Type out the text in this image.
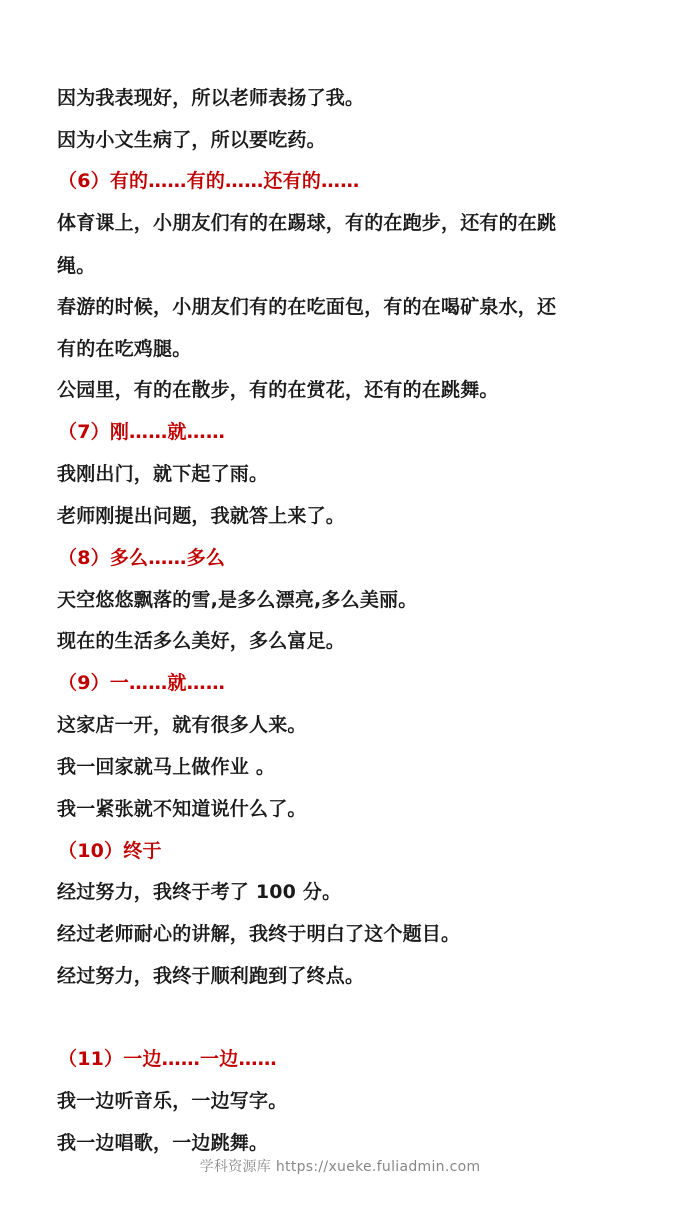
因为我表现好，所以老师表扬了我。
因为小文生病了，所以要吃药。
（6）有的……有的……还有的……
体育课上，小朋友们有的在踢球，有的在跑步，还有的在跳
绳。
春游的时候，小朋友们有的在吃面包，有的在喝矿泉水，还
有的在吃鸡腿。
公园里，有的在散步，有的在赏花，还有的在跳舞。
（7）刚……就……
我刚出门，就下起了雨。
老师刚提出问题，我就答上来了。
（8）多么……多么
天空悠悠飘落的雪,是多么漂亮,多么美丽。
现在的生活多么美好，多么富足。
（9）一……就……
这家店一开，就有很多人来。
我一回家就马上做作业 。
我一紧张就不知道说什么了。
（10）终于
经过努力，我终于考了 100 分。
经过老师耐心的讲解，我终于明白了这个题目。
经过努力，我终于顺利跑到了终点。
（11）一边……一边……
我一边听音乐，一边写字。
我一边唱歌，一边跳舞。
学科资源库 https://xueke.fuliadmin.com
